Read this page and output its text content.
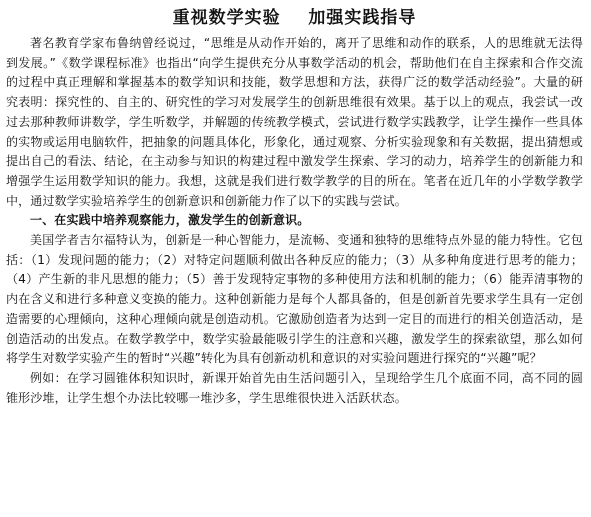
重视数学实验    加强实践指导

著名教育学家布鲁纳曾经说过，“思维是从动作开始的，离开了思维和动作的联系，人的思维就无法得到发展。”《数学课程标准》也指出“向学生提供充分从事数学活动的机会，帮助他们在自主探索和合作交流的过程中真正理解和掌握基本的数学知识和技能，数学思想和方法，获得广泛的数学活动经验”。大量的研究表明：探究性的、自主的、研究性的学习对发展学生的创新思维很有效果。基于以上的观点，我尝试一改过去那种教师讲数学，学生听数学，并解题的传统教学模式，尝试进行数学实践教学，让学生操作一些具体的实物或运用电脑软件，把抽象的问题具体化，形象化，通过观察、分析实验现象和有关数据，提出猜想或提出自己的看法、结论，在主动参与知识的构建过程中激发学生探索、学习的动力，培养学生的创新能力和增强学生运用数学知识的能力。我想，这就是我们进行数学教学的目的所在。笔者在近几年的小学数学教学中，通过数学实验培养学生的创新意识和创新能力作了以下的实践与尝试。

一、在实践中培养观察能力，激发学生的创新意识。

美国学者吉尔福特认为，创新是一种心智能力，是流畅、变通和独特的思维特点外显的能力特性。它包括：（1）发现问题的能力；（2）对特定问题顺利做出各种反应的能力；（3）从多种角度进行思考的能力；（4）产生新的非凡思想的能力；（5）善于发现特定事物的多种使用方法和机制的能力；（6）能弄清事物的内在含义和进行多种意义变换的能力。这种创新能力是每个人都具备的，但是创新首先要求学生具有一定创造需要的心理倾向，这种心理倾向就是创造动机。它激励创造者为达到一定目的而进行的相关创造活动，是创造活动的出发点。在数学教学中，数学实验最能吸引学生的注意和兴趣，激发学生的探索欲望，那么如何将学生对数学实验产生的暂时“兴趣”转化为具有创新动机和意识的对实验问题进行探究的“兴趣”呢？

例如：在学习圆锥体积知识时，新课开始首先由生活问题引入，呈现给学生几个底面不同，高不同的圆锥形沙堆，让学生想个办法比较哪一堆沙多，学生思维很快进入活跃状态。
